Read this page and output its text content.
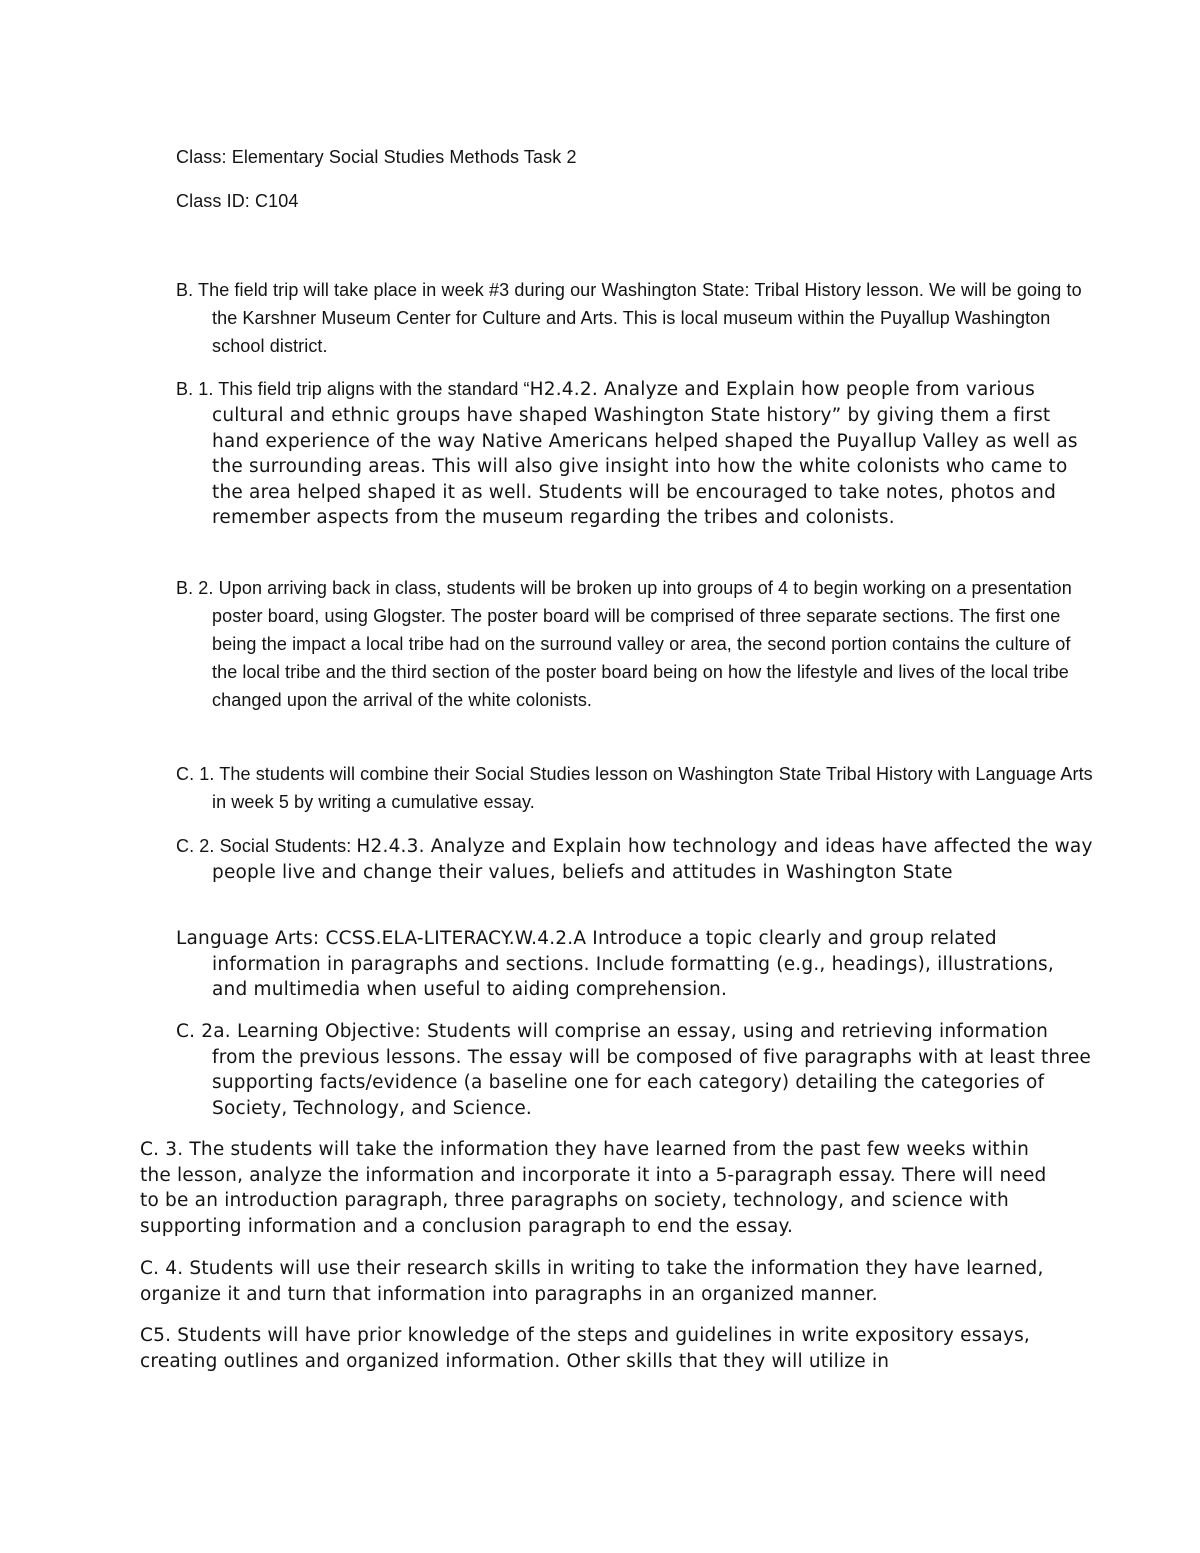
Class: Elementary Social Studies Methods Task 2

Class ID: C104

B. The field trip will take place in week #3 during our Washington State: Tribal History lesson. We will be going to the Karshner Museum Center for Culture and Arts. This is local museum within the Puyallup Washington school district.

B. 1. This field trip aligns with the standard “H2.4.2. Analyze and Explain how people from various cultural and ethnic groups have shaped Washington State history” by giving them a first hand experience of the way Native Americans helped shaped the Puyallup Valley as well as the surrounding areas. This will also give insight into how the white colonists who came to the area helped shaped it as well. Students will be encouraged to take notes, photos and remember aspects from the museum regarding the tribes and colonists.

B. 2. Upon arriving back in class, students will be broken up into groups of 4 to begin working on a presentation poster board, using Glogster. The poster board will be comprised of three separate sections. The first one being the impact a local tribe had on the surround valley or area, the second portion contains the culture of the local tribe and the third section of the poster board being on how the lifestyle and lives of the local tribe changed upon the arrival of the white colonists.

C. 1. The students will combine their Social Studies lesson on Washington State Tribal History with Language Arts in week 5 by writing a cumulative essay.

C. 2. Social Students: H2.4.3. Analyze and Explain how technology and ideas have affected the way people live and change their values, beliefs and attitudes in Washington State

Language Arts: CCSS.ELA-LITERACY.W.4.2.A Introduce a topic clearly and group related information in paragraphs and sections. Include formatting (e.g., headings), illustrations, and multimedia when useful to aiding comprehension.

C. 2a. Learning Objective: Students will comprise an essay, using and retrieving information from the previous lessons. The essay will be composed of five paragraphs with at least three supporting facts/evidence (a baseline one for each category) detailing the categories of Society, Technology, and Science.

C. 3. The students will take the information they have learned from the past few weeks within the lesson, analyze the information and incorporate it into a 5-paragraph essay. There will need to be an introduction paragraph, three paragraphs on society, technology, and science with supporting information and a conclusion paragraph to end the essay.

C. 4. Students will use their research skills in writing to take the information they have learned, organize it and turn that information into paragraphs in an organized manner.

C5. Students will have prior knowledge of the steps and guidelines in write expository essays, creating outlines and organized information. Other skills that they will utilize in
